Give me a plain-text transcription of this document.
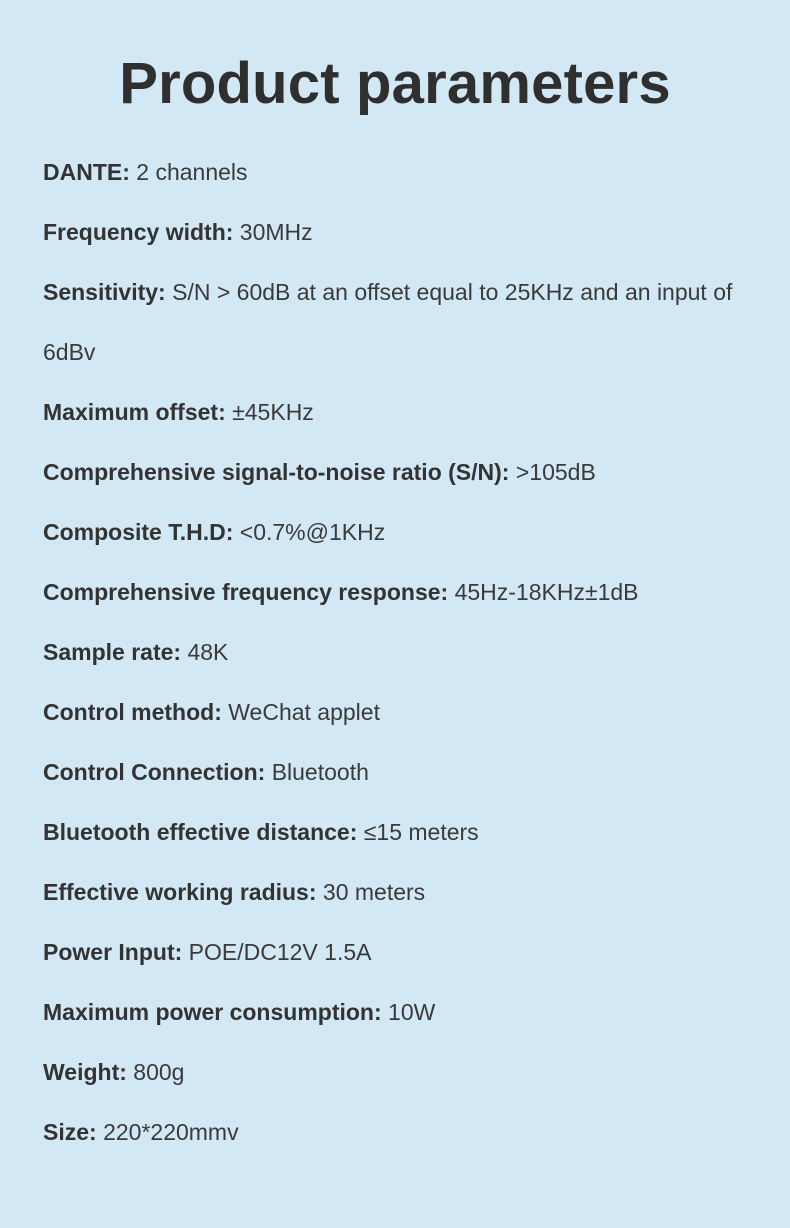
Product parameters
DANTE: 2 channels
Frequency width: 30MHz
Sensitivity: S/N > 60dB at an offset equal to 25KHz and an input of 6dBv
Maximum offset: ±45KHz
Comprehensive signal-to-noise ratio (S/N): >105dB
Composite T.H.D: <0.7%@1KHz
Comprehensive frequency response: 45Hz-18KHz±1dB
Sample rate: 48K
Control method: WeChat applet
Control Connection: Bluetooth
Bluetooth effective distance: ≤15 meters
Effective working radius: 30 meters
Power Input: POE/DC12V 1.5A
Maximum power consumption: 10W
Weight: 800g
Size: 220*220mmv
